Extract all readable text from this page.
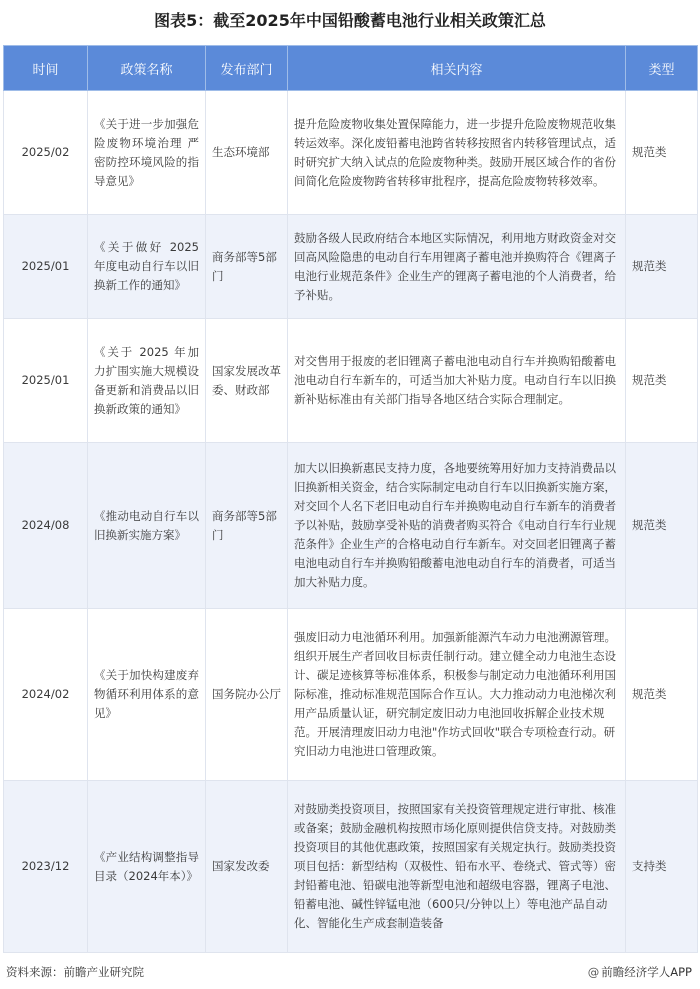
图表5：截至2025年中国铅酸蓄电池行业相关政策汇总
时间	政策名称	发布部门	相关内容	类型
2025/02	《关于进一步加强危险废物环境治理 严密防控环境风险的指导意见》	生态环境部	提升危险废物收集处置保障能力，进一步提升危险废物规范收集转运效率。深化废铅蓄电池跨省转移按照省内转移管理试点，适时研究扩大纳入试点的危险废物种类。鼓励开展区域合作的省份间简化危险废物跨省转移审批程序，提高危险废物转移效率。	规范类
2025/01	《关于做好 2025 年度电动自行车以旧换新工作的通知》	商务部等5部门	鼓励各级人民政府结合本地区实际情况，利用地方财政资金对交回高风险隐患的电动自行车用锂离子蓄电池并换购符合《锂离子电池行业规范条件》企业生产的锂离子蓄电池的个人消费者，给予补贴。	规范类
2025/01	《关于 2025 年加力扩围实施大规模设备更新和消费品以旧换新政策的通知》	国家发展改革委、财政部	对交售用于报废的老旧锂离子蓄电池电动自行车并换购铅酸蓄电池电动自行车新车的，可适当加大补贴力度。电动自行车以旧换新补贴标准由有关部门指导各地区结合实际合理制定。	规范类
2024/08	《推动电动自行车以旧换新实施方案》	商务部等5部门	加大以旧换新惠民支持力度，各地要统筹用好加力支持消费品以旧换新相关资金，结合实际制定电动自行车以旧换新实施方案，对交回个人名下老旧电动自行车并换购电动自行车新车的消费者予以补贴，鼓励享受补贴的消费者购买符合《电动自行车行业规范条件》企业生产的合格电动自行车新车。对交回老旧锂离子蓄电池电动自行车并换购铅酸蓄电池电动自行车的消费者，可适当加大补贴力度。	规范类
2024/02	《关于加快构建废弃物循环利用体系的意见》	国务院办公厅	强废旧动力电池循环利用。加强新能源汽车动力电池溯源管理。组织开展生产者回收目标责任制行动。建立健全动力电池生态设计、碳足迹核算等标准体系，积极参与制定动力电池循环利用国际标准，推动标准规范国际合作互认。大力推动动力电池梯次利用产品质量认证，研究制定废旧动力电池回收拆解企业技术规范。开展清理废旧动力电池"作坊式回收"联合专项检查行动。研究旧动力电池进口管理政策。	规范类
2023/12	《产业结构调整指导目录（2024年本）》	国家发改委	对鼓励类投资项目，按照国家有关投资管理规定进行审批、核准或备案；鼓励金融机构按照市场化原则提供信贷支持。对鼓励类投资项目的其他优惠政策，按照国家有关规定执行。鼓励类投资项目包括：新型结构（双极性、铅布水平、卷绕式、管式等）密封铅蓄电池、铅碳电池等新型电池和超级电容器，锂离子电池、铅蓄电池、碱性锌锰电池（600只/分钟以上）等电池产品自动化、智能化生产成套制造装备	支持类
资料来源：前瞻产业研究院	@ 前瞻经济学人APP
